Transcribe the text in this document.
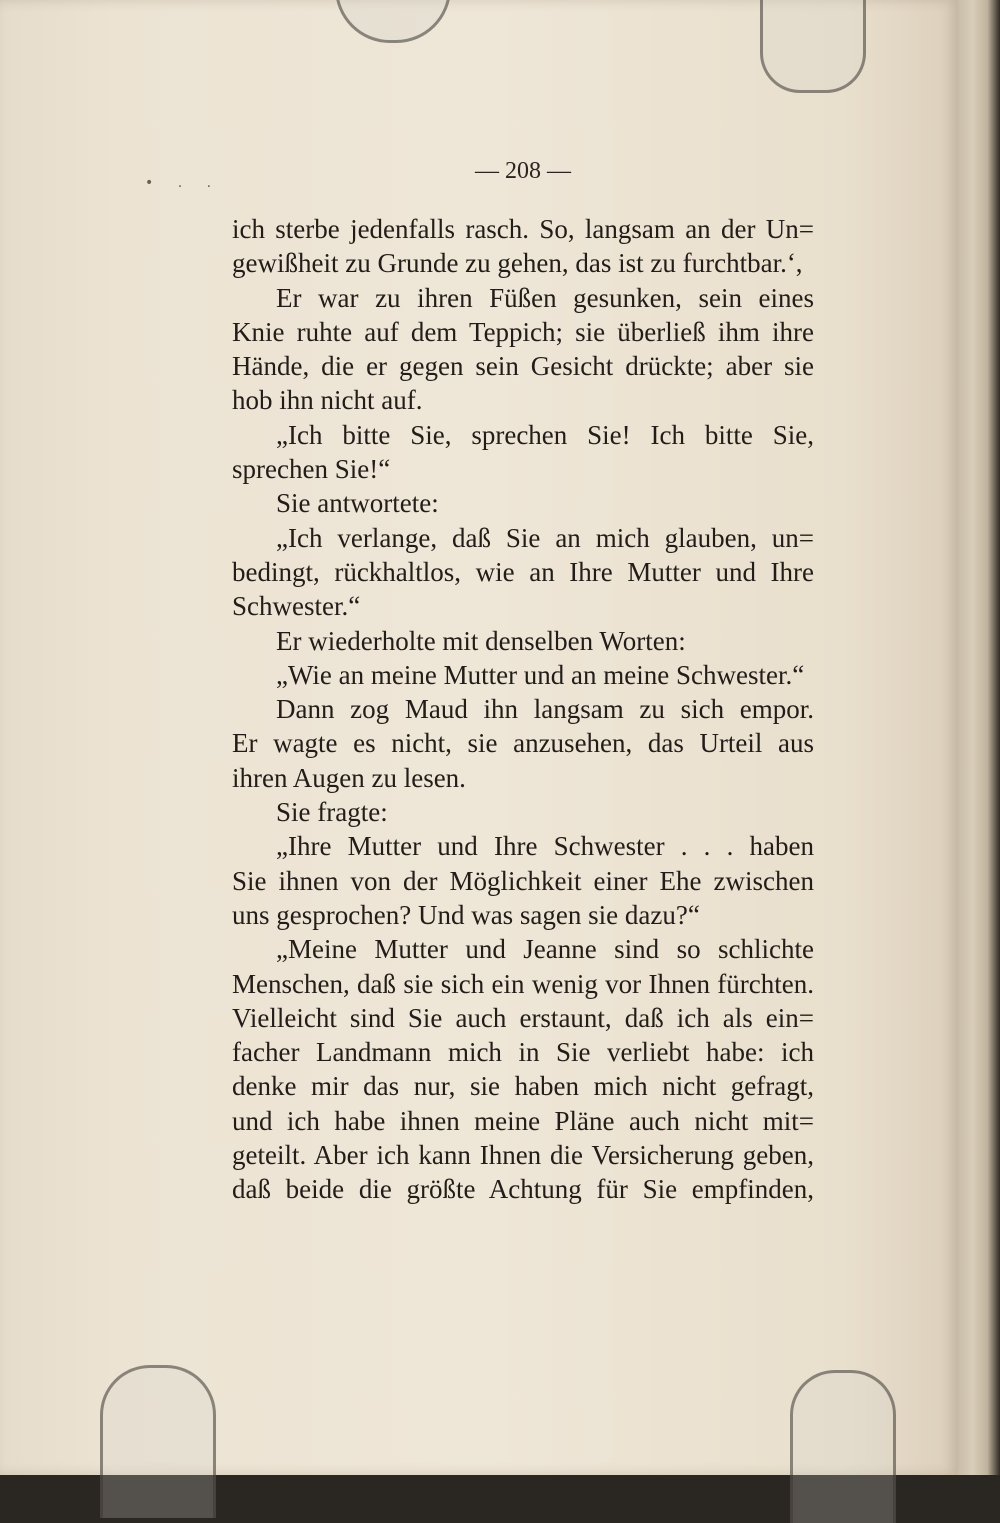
• . .	— 208 —
ich sterbe jedenfalls rasch. So, langsam an der Un=
gewißheit zu Grunde zu gehen, das ist zu furchtbar.‘,
Er war zu ihren Füßen gesunken, sein eines
Knie ruhte auf dem Teppich; sie überließ ihm ihre
Hände, die er gegen sein Gesicht drückte; aber sie
hob ihn nicht auf.
„Ich bitte Sie, sprechen Sie! Ich bitte Sie,
sprechen Sie!“
Sie antwortete:
„Ich verlange, daß Sie an mich glauben, un=
bedingt, rückhaltlos, wie an Ihre Mutter und Ihre
Schwester.“
Er wiederholte mit denselben Worten:
„Wie an meine Mutter und an meine Schwester.“
Dann zog Maud ihn langsam zu sich empor.
Er wagte es nicht, sie anzusehen, das Urteil aus
ihren Augen zu lesen.
Sie fragte:
„Ihre Mutter und Ihre Schwester . . . haben
Sie ihnen von der Möglichkeit einer Ehe zwischen
uns gesprochen? Und was sagen sie dazu?“
„Meine Mutter und Jeanne sind so schlichte
Menschen, daß sie sich ein wenig vor Ihnen fürchten.
Vielleicht sind Sie auch erstaunt, daß ich als ein=
facher Landmann mich in Sie verliebt habe: ich
denke mir das nur, sie haben mich nicht gefragt,
und ich habe ihnen meine Pläne auch nicht mit=
geteilt. Aber ich kann Ihnen die Versicherung geben,
daß beide die größte Achtung für Sie empfinden,
